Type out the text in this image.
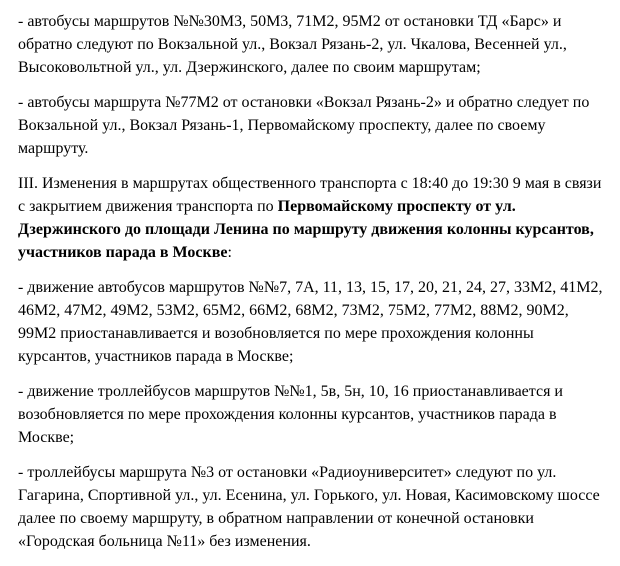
- автобусы маршрутов №№30М3, 50М3, 71М2, 95М2 от остановки ТД «Барс» и обратно следуют по Вокзальной ул., Вокзал Рязань-2, ул. Чкалова, Весенней ул., Высоковольтной ул., ул. Дзержинского, далее по своим маршрутам;

- автобусы маршрута №77М2 от остановки «Вокзал Рязань-2» и обратно следует по Вокзальной ул., Вокзал Рязань-1, Первомайскому проспекту, далее по своему маршруту.

III. Изменения в маршрутах общественного транспорта с 18:40 до 19:30 9 мая в связи с закрытием движения транспорта по Первомайскому проспекту от ул. Дзержинского до площади Ленина по маршруту движения колонны курсантов, участников парада в Москве:

- движение автобусов маршрутов №№7, 7А, 11, 13, 15, 17, 20, 21, 24, 27, 33М2, 41М2, 46М2, 47М2, 49М2, 53М2, 65М2, 66М2, 68М2, 73М2, 75М2, 77М2, 88М2, 90М2, 99М2 приостанавливается и возобновляется по мере прохождения колонны курсантов, участников парада в Москве;

- движение троллейбусов маршрутов №№1, 5в, 5н, 10, 16 приостанавливается и возобновляется по мере прохождения колонны курсантов, участников парада в Москве;

- троллейбусы маршрута №3 от остановки «Радиоуниверситет» следуют по ул. Гагарина, Спортивной ул., ул. Есенина, ул. Горького, ул. Новая, Касимовскому шоссе далее по своему маршруту, в обратном направлении от конечной остановки «Городская больница №11» без изменения.
